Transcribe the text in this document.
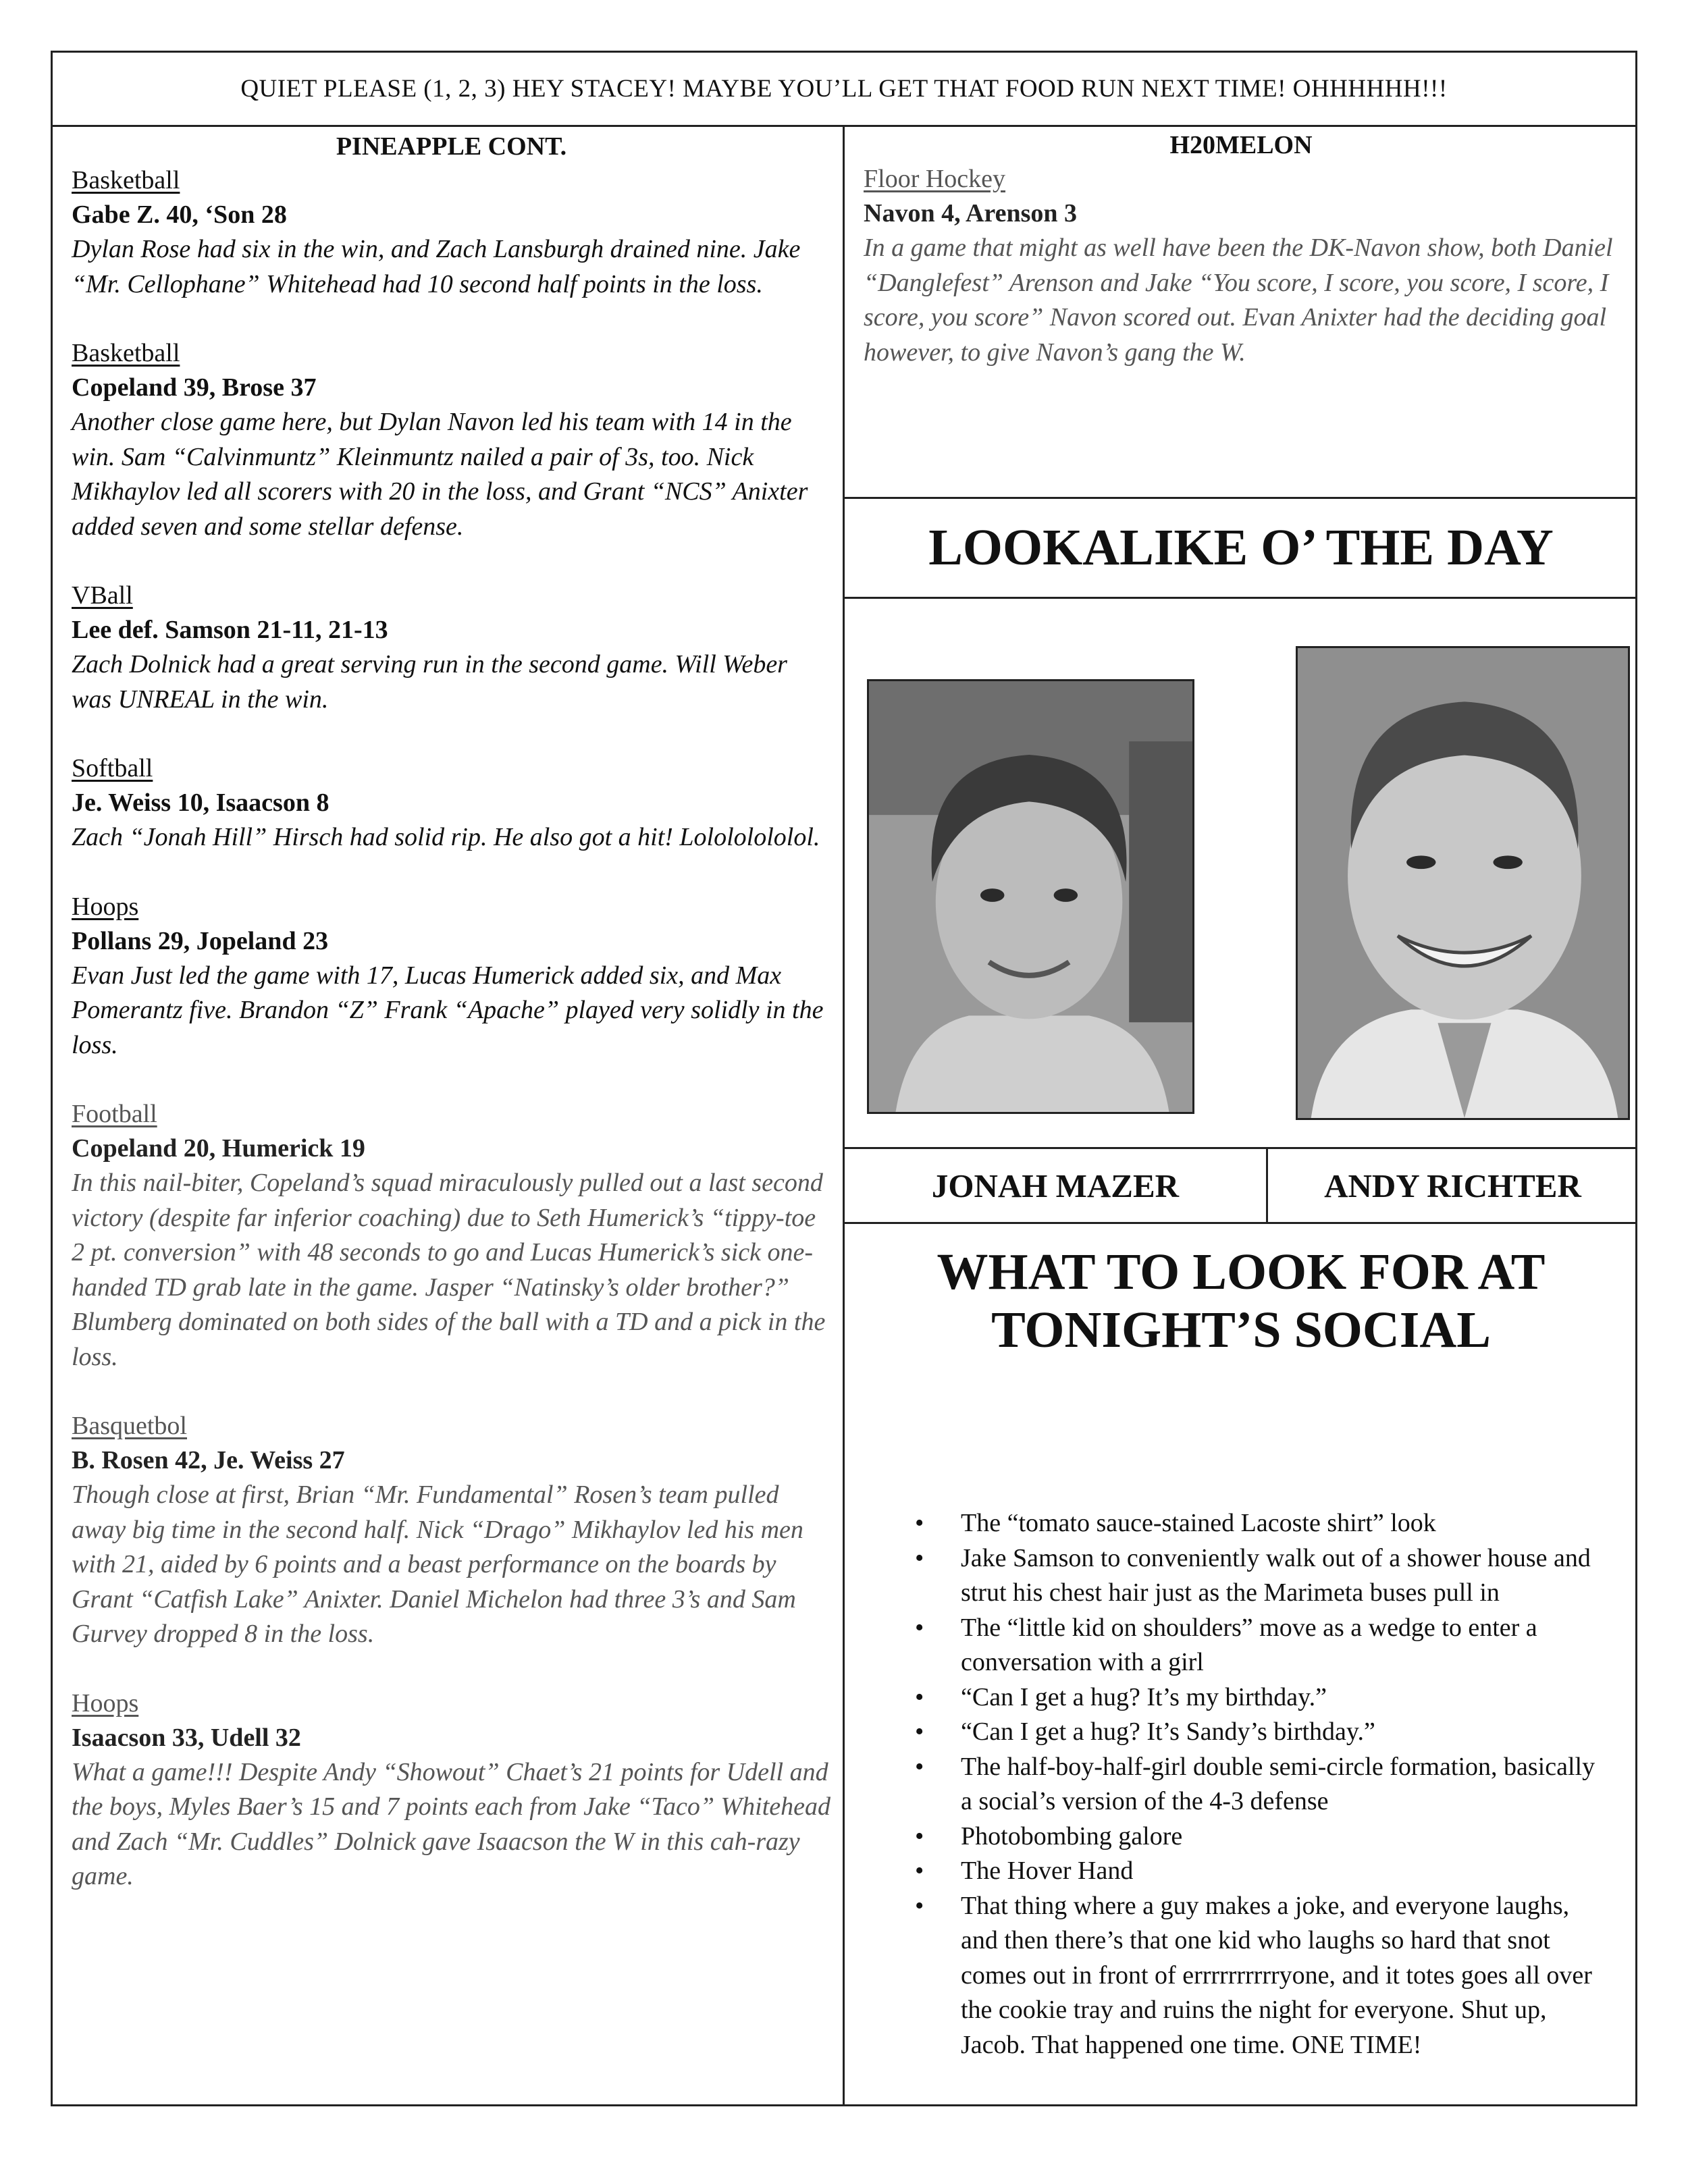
QUIET PLEASE (1, 2, 3) HEY STACEY! MAYBE YOU’LL GET THAT FOOD RUN NEXT TIME! OHHHHHH!!!
PINEAPPLE CONT.
Basketball
Gabe Z. 40, ‘Son 28
Dylan Rose had six in the win, and Zach Lansburgh drained nine. Jake “Mr. Cellophane” Whitehead had 10 second half points in the loss.
Basketball
Copeland 39, Brose 37
Another close game here, but Dylan Navon led his team with 14 in the win. Sam “Calvinmuntz” Kleinmuntz nailed a pair of 3s, too. Nick Mikhaylov led all scorers with 20 in the loss, and Grant “NCS” Anixter added seven and some stellar defense.
VBall
Lee def. Samson 21-11, 21-13
Zach Dolnick had a great serving run in the second game. Will Weber was UNREAL in the win.
Softball
Je. Weiss 10, Isaacson 8
Zach “Jonah Hill” Hirsch had solid rip. He also got a hit! Lolololololol.
Hoops
Pollans 29, Jopeland 23
Evan Just led the game with 17, Lucas Humerick added six, and Max Pomerantz five. Brandon “Z” Frank “Apache” played very solidly in the loss.
Football
Copeland 20, Humerick 19
In this nail-biter, Copeland’s squad miraculously pulled out a last second victory (despite far inferior coaching) due to Seth Humerick’s “tippy-toe 2 pt. conversion” with 48 seconds to go and Lucas Humerick’s sick one-handed TD grab late in the game. Jasper “Natinsky’s older brother?” Blumberg dominated on both sides of the ball with a TD and a pick in the loss.
Basquetbol
B. Rosen 42, Je. Weiss 27
Though close at first, Brian “Mr. Fundamental” Rosen’s team pulled away big time in the second half. Nick “Drago” Mikhaylov led his men with 21, aided by 6 points and a beast performance on the boards by Grant “Catfish Lake” Anixter. Daniel Michelon had three 3’s and Sam Gurvey dropped 8 in the loss.
Hoops
Isaacson 33, Udell 32
What a game!!! Despite Andy “Showout” Chaet’s 21 points for Udell and the boys, Myles Baer’s 15 and 7 points each from Jake “Taco” Whitehead and Zach “Mr. Cuddles” Dolnick gave Isaacson the W in this cah-razy game.
H20MELON
Floor Hockey
Navon 4, Arenson 3
In a game that might as well have been the DK-Navon show, both Daniel “Danglefest” Arenson and Jake “You score, I score, you score, I score, I score, you score” Navon scored out. Evan Anixter had the deciding goal however, to give Navon’s gang the W.
LOOKALIKE O’ THE DAY
JONAH MAZER	ANDY RICHTER
WHAT TO LOOK FOR AT
TONIGHT’S SOCIAL
• The “tomato sauce-stained Lacoste shirt” look
• Jake Samson to conveniently walk out of a shower house and strut his chest hair just as the Marimeta buses pull in
• The “little kid on shoulders” move as a wedge to enter a conversation with a girl
• “Can I get a hug? It’s my birthday.”
• “Can I get a hug? It’s Sandy’s birthday.”
• The half-boy-half-girl double semi-circle formation, basically a social’s version of the 4-3 defense
• Photobombing galore
• The Hover Hand
• That thing where a guy makes a joke, and everyone laughs, and then there’s that one kid who laughs so hard that snot comes out in front of errrrrrrrrryone, and it totes goes all over the cookie tray and ruins the night for everyone. Shut up, Jacob. That happened one time. ONE TIME!
